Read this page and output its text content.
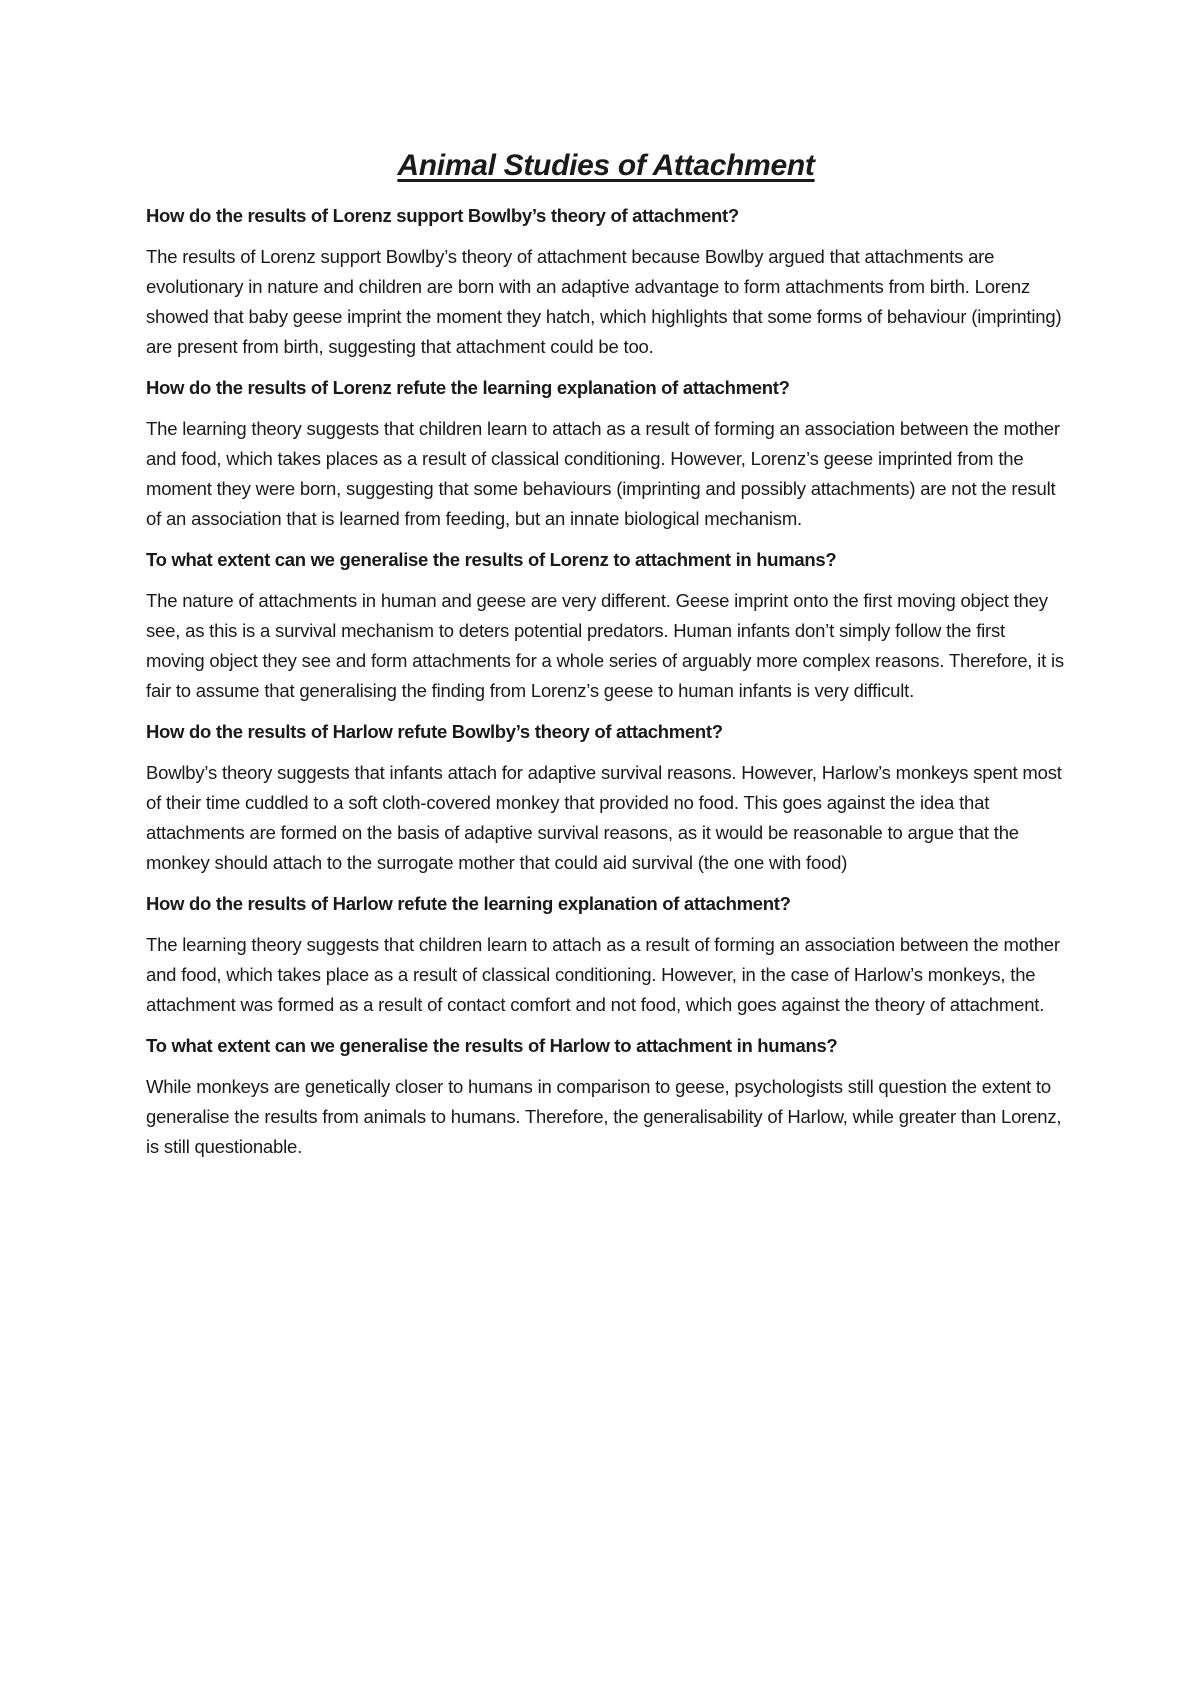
Animal Studies of Attachment

How do the results of Lorenz support Bowlby’s theory of attachment?

The results of Lorenz support Bowlby’s theory of attachment because Bowlby argued that attachments are evolutionary in nature and children are born with an adaptive advantage to form attachments from birth. Lorenz showed that baby geese imprint the moment they hatch, which highlights that some forms of behaviour (imprinting) are present from birth, suggesting that attachment could be too.

How do the results of Lorenz refute the learning explanation of attachment?

The learning theory suggests that children learn to attach as a result of forming an association between the mother and food, which takes places as a result of classical conditioning. However, Lorenz’s geese imprinted from the moment they were born, suggesting that some behaviours (imprinting and possibly attachments) are not the result of an association that is learned from feeding, but an innate biological mechanism.

To what extent can we generalise the results of Lorenz to attachment in humans?

The nature of attachments in human and geese are very different. Geese imprint onto the first moving object they see, as this is a survival mechanism to deters potential predators. Human infants don’t simply follow the first moving object they see and form attachments for a whole series of arguably more complex reasons. Therefore, it is fair to assume that generalising the finding from Lorenz’s geese to human infants is very difficult.

How do the results of Harlow refute Bowlby’s theory of attachment?

Bowlby’s theory suggests that infants attach for adaptive survival reasons. However, Harlow’s monkeys spent most of their time cuddled to a soft cloth-covered monkey that provided no food. This goes against the idea that attachments are formed on the basis of adaptive survival reasons, as it would be reasonable to argue that the monkey should attach to the surrogate mother that could aid survival (the one with food)

How do the results of Harlow refute the learning explanation of attachment?

The learning theory suggests that children learn to attach as a result of forming an association between the mother and food, which takes place as a result of classical conditioning. However, in the case of Harlow’s monkeys, the attachment was formed as a result of contact comfort and not food, which goes against the theory of attachment.

To what extent can we generalise the results of Harlow to attachment in humans?

While monkeys are genetically closer to humans in comparison to geese, psychologists still question the extent to generalise the results from animals to humans. Therefore, the generalisability of Harlow, while greater than Lorenz, is still questionable.
